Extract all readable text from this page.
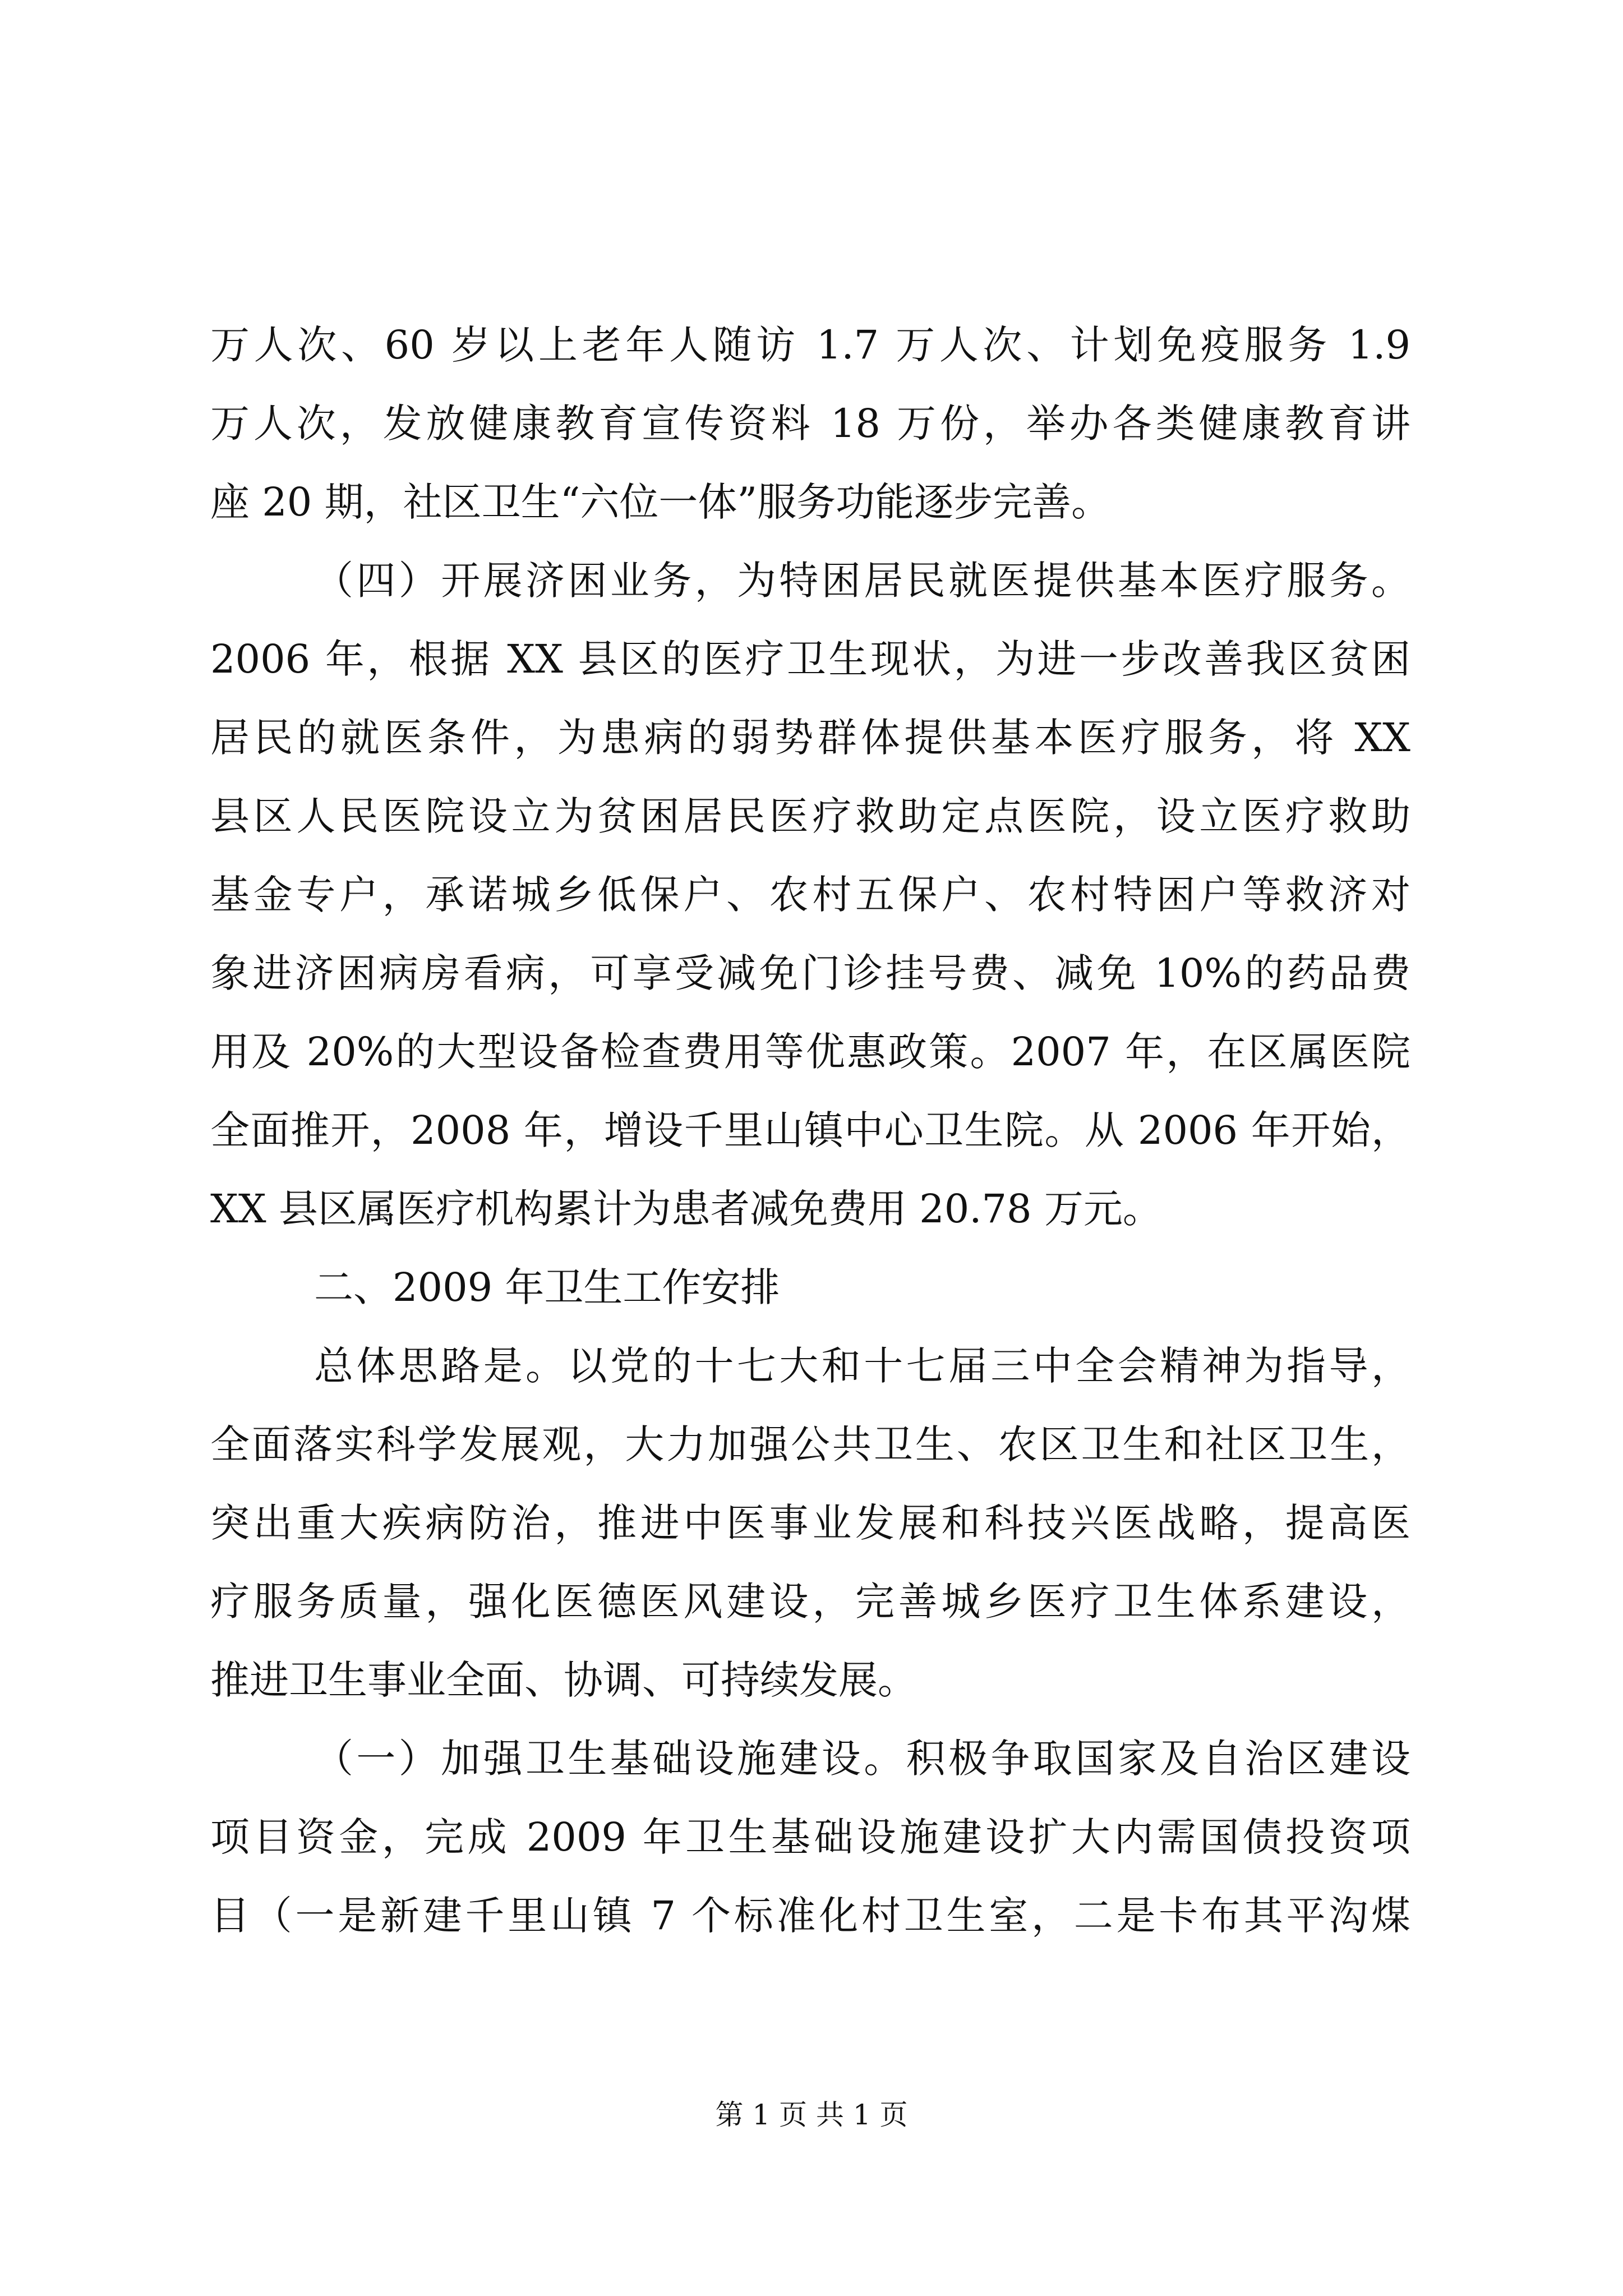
万人次、60 岁以上老年人随访 1.7 万人次、计划免疫服务 1.9
万人次，发放健康教育宣传资料 18 万份，举办各类健康教育讲
座 20 期，社区卫生“六位一体”服务功能逐步完善。
（四）开展济困业务，为特困居民就医提供基本医疗服务。
2006 年，根据 XX 县区的医疗卫生现状，为进一步改善我区贫困
居民的就医条件，为患病的弱势群体提供基本医疗服务，将 XX
县区人民医院设立为贫困居民医疗救助定点医院，设立医疗救助
基金专户，承诺城乡低保户、农村五保户、农村特困户等救济对
象进济困病房看病，可享受减免门诊挂号费、减免 10%的药品费
用及 20%的大型设备检查费用等优惠政策。2007 年，在区属医院
全面推开，2008 年，增设千里山镇中心卫生院。从 2006 年开始，
XX 县区属医疗机构累计为患者减免费用 20.78 万元。
二、2009 年卫生工作安排
总体思路是。以党的十七大和十七届三中全会精神为指导，
全面落实科学发展观，大力加强公共卫生、农区卫生和社区卫生，
突出重大疾病防治，推进中医事业发展和科技兴医战略，提高医
疗服务质量，强化医德医风建设，完善城乡医疗卫生体系建设，
推进卫生事业全面、协调、可持续发展。
（一）加强卫生基础设施建设。积极争取国家及自治区建设
项目资金，完成 2009 年卫生基础设施建设扩大内需国债投资项
目（一是新建千里山镇 7 个标准化村卫生室，二是卡布其平沟煤
第 1 页 共 1 页
